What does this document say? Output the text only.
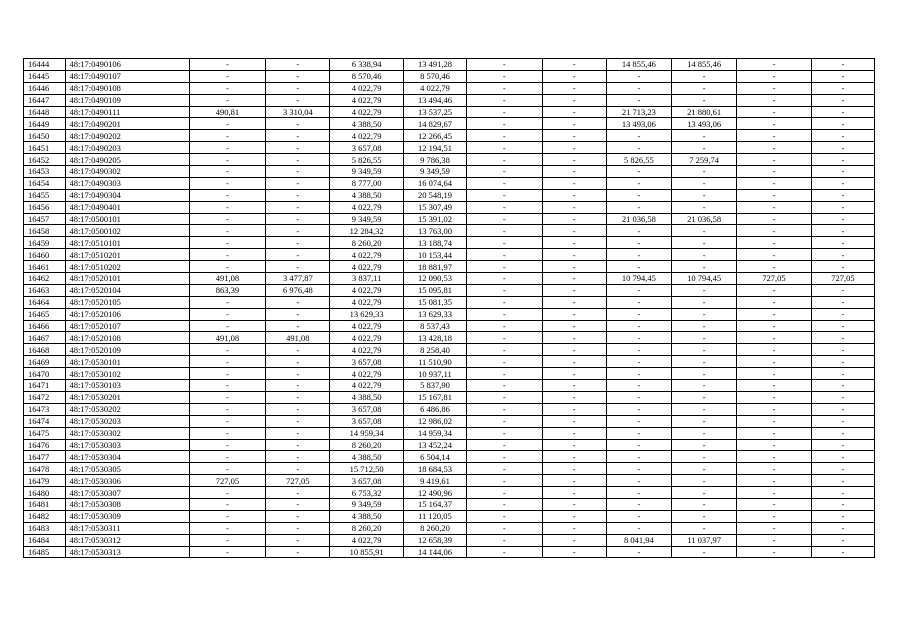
16444	48:17:0490106	-	-	6 338,94	13 491,28	-	-	14 855,46	14 855,46	-	-
16445	48:17:0490107	-	-	8 570,46	8 570,46	-	-	-	-	-	-
16446	48:17:0490108	-	-	4 022,79	4 022,79	-	-	-	-	-	-
16447	48:17:0490109	-	-	4 022,79	13 494,46	-	-	-	-	-	-
16448	48:17:0490111	490,81	3 310,04	4 022,79	13 537,25	-	-	21 713,23	21 880,61	-	-
16449	48:17:0490201	-	-	4 388,50	14 829,67	-	-	13 493,06	13 493,06	-	-
16450	48:17:0490202	-	-	4 022,79	12 266,45	-	-	-	-	-	-
16451	48:17:0490203	-	-	3 657,08	12 194,51	-	-	-	-	-	-
16452	48:17:0490205	-	-	5 826,55	9 786,38	-	-	5 826,55	7 259,74	-	-
16453	48:17:0490302	-	-	9 349,59	9 349,59	-	-	-	-	-	-
16454	48:17:0490303	-	-	8 777,00	16 074,64	-	-	-	-	-	-
16455	48:17:0490304	-	-	4 388,50	20 548,19	-	-	-	-	-	-
16456	48:17:0490401	-	-	4 022,79	15 307,49	-	-	-	-	-	-
16457	48:17:0500101	-	-	9 349,59	15 391,02	-	-	21 036,58	21 036,58	-	-
16458	48:17:0500102	-	-	12 284,32	13 763,00	-	-	-	-	-	-
16459	48:17:0510101	-	-	8 260,20	13 188,74	-	-	-	-	-	-
16460	48:17:0510201	-	-	4 022,79	10 153,44	-	-	-	-	-	-
16461	48:17:0510202	-	-	4 022,79	18 881,97	-	-	-	-	-	-
16462	48:17:0520101	491,08	3 477,87	3 837,11	12 090,53	-	-	10 794,45	10 794,45	727,05	727,05
16463	48:17:0520104	863,39	6 976,48	4 022,79	15 095,81	-	-	-	-	-	-
16464	48:17:0520105	-	-	4 022,79	15 081,35	-	-	-	-	-	-
16465	48:17:0520106	-	-	13 629,33	13 629,33	-	-	-	-	-	-
16466	48:17:0520107	-	-	4 022,79	8 537,43	-	-	-	-	-	-
16467	48:17:0520108	491,08	491,08	4 022,79	13 428,18	-	-	-	-	-	-
16468	48:17:0520109	-	-	4 022,79	8 258,40	-	-	-	-	-	-
16469	48:17:0530101	-	-	3 657,08	11 510,90	-	-	-	-	-	-
16470	48:17:0530102	-	-	4 022,79	10 937,11	-	-	-	-	-	-
16471	48:17:0530103	-	-	4 022,79	5 837,90	-	-	-	-	-	-
16472	48:17:0530201	-	-	4 388,50	15 167,81	-	-	-	-	-	-
16473	48:17:0530202	-	-	3 657,08	6 486,86	-	-	-	-	-	-
16474	48:17:0530203	-	-	3 657,08	12 986,02	-	-	-	-	-	-
16475	48:17:0530302	-	-	14 959,34	14 959,34	-	-	-	-	-	-
16476	48:17:0530303	-	-	8 260,20	13 452,24	-	-	-	-	-	-
16477	48:17:0530304	-	-	4 388,50	6 504,14	-	-	-	-	-	-
16478	48:17:0530305	-	-	15 712,50	18 684,53	-	-	-	-	-	-
16479	48:17:0530306	727,05	727,05	3 657,08	9 419,61	-	-	-	-	-	-
16480	48:17:0530307	-	-	6 753,32	12 490,96	-	-	-	-	-	-
16481	48:17:0530308	-	-	9 349,59	15 164,37	-	-	-	-	-	-
16482	48:17:0530309	-	-	4 388,50	11 120,05	-	-	-	-	-	-
16483	48:17:0530311	-	-	8 260,20	8 260,20	-	-	-	-	-	-
16484	48:17:0530312	-	-	4 022,79	12 658,39	-	-	8 041,94	11 037,97	-	-
16485	48:17:0530313	-	-	10 855,91	14 144,06	-	-	-	-	-	-
